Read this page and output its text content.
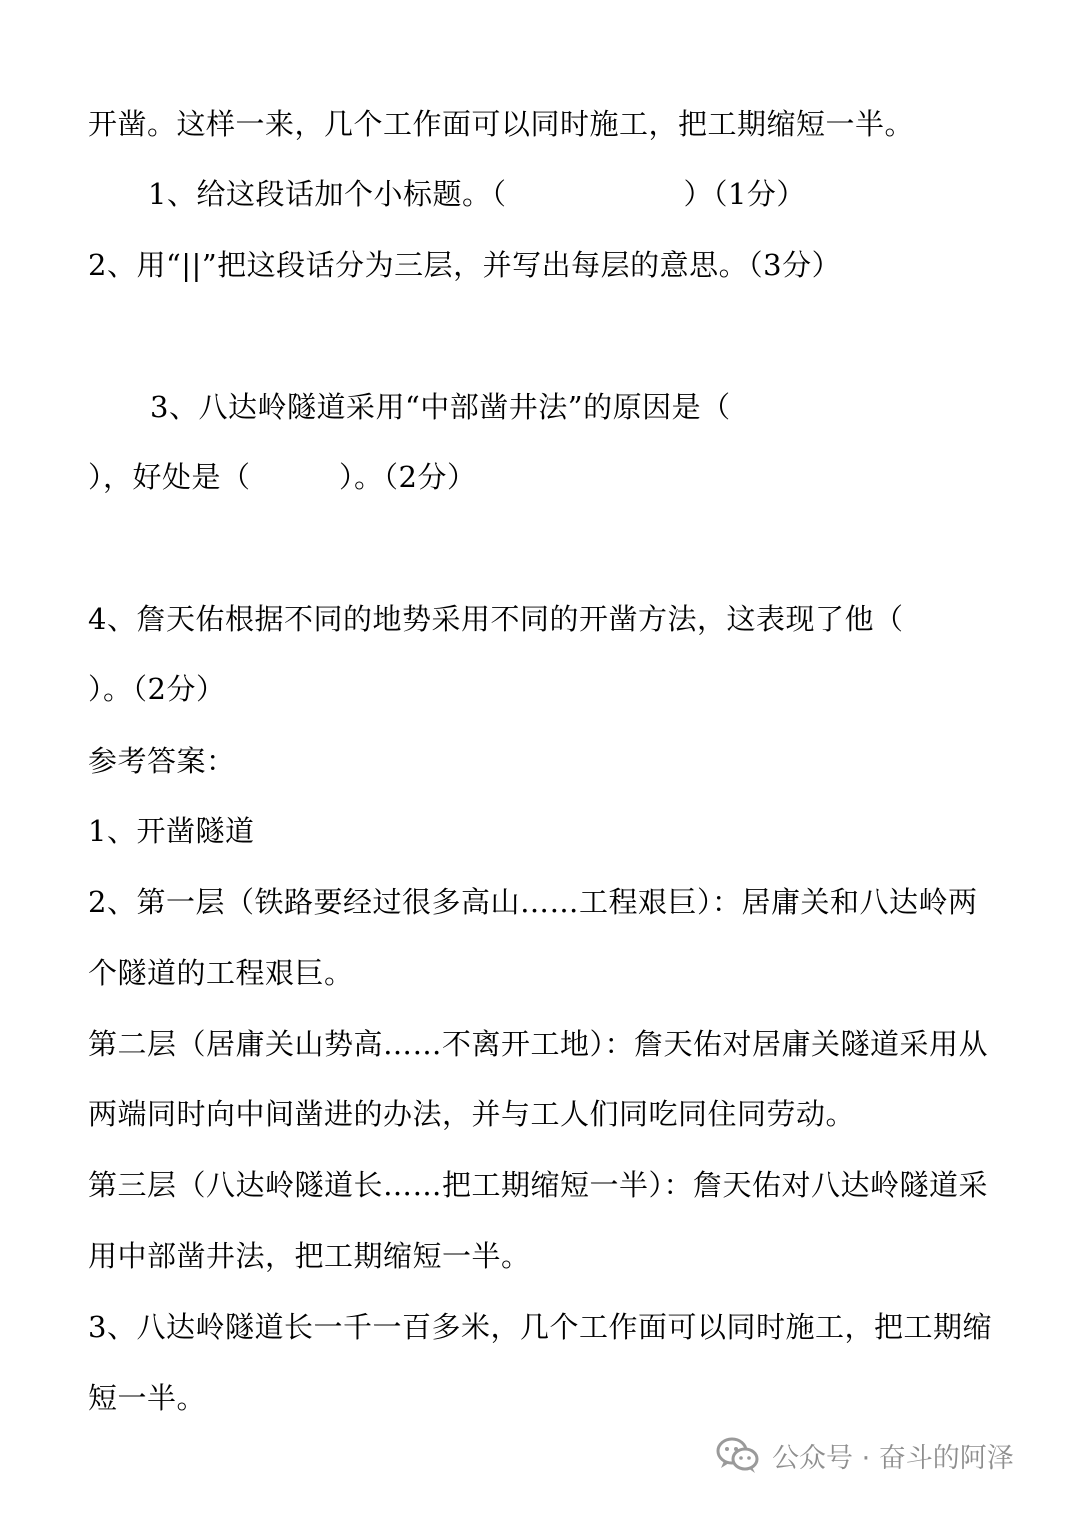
开凿。这样一来，几个工作面可以同时施工，把工期缩短一半。
1、给这段话加个小标题。（　　　　　　）（1分）
2、用“||”把这段话分为三层，并写出每层的意思。（3分）
3、八达岭隧道采用“中部凿井法”的原因是（
），好处是（　　　）。（2分）
4、詹天佑根据不同的地势采用不同的开凿方法，这表现了他（
）。（2分）
参考答案：
1、开凿隧道
2、第一层（铁路要经过很多高山……工程艰巨）：居庸关和八达岭两
个隧道的工程艰巨。
第二层（居庸关山势高……不离开工地）：詹天佑对居庸关隧道采用从
两端同时向中间凿进的办法，并与工人们同吃同住同劳动。
第三层（八达岭隧道长……把工期缩短一半）：詹天佑对八达岭隧道采
用中部凿井法，把工期缩短一半。
3、八达岭隧道长一千一百多米，几个工作面可以同时施工，把工期缩
短一半。
公众号 · 奋斗的阿泽
